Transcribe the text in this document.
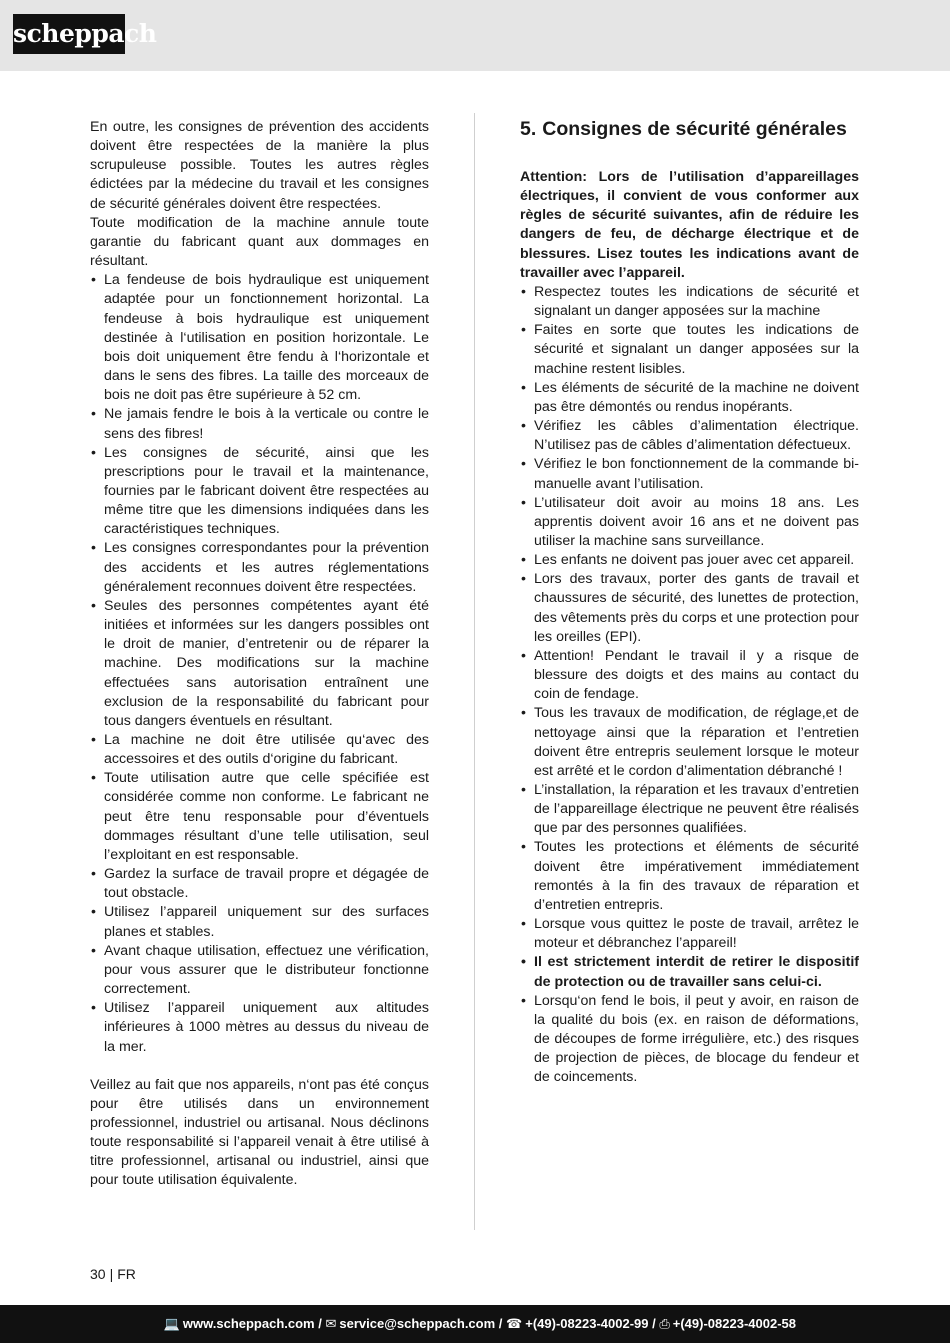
scheppach

En outre, les consignes de prévention des accidents doivent être respectées de la manière la plus scrupuleuse possible. Toutes les autres règles édictées par la médecine du travail et les consignes de sécurité générales doivent être respectées.

Toute modification de la machine annule toute garantie du fabricant quant aux dommages en résultant.

• La fendeuse de bois hydraulique est uniquement adaptée pour un fonctionnement horizontal. La fendeuse à bois hydraulique est uniquement destinée à l‘utilisation en position horizontale. Le bois doit uniquement être fendu à l‘horizontale et dans le sens des fibres. La taille des morceaux de bois ne doit pas être supérieure à 52 cm.
• Ne jamais fendre le bois à la verticale ou contre le sens des fibres!
• Les consignes de sécurité, ainsi que les prescriptions pour le travail et la maintenance, fournies par le fabricant doivent être respectées au même titre que les dimensions indiquées dans les caractéristiques techniques.
• Les consignes correspondantes pour la prévention des accidents et les autres réglementations généralement reconnues doivent être respectées.
• Seules des personnes compétentes ayant été initiées et informées sur les dangers possibles ont le droit de manier, d’entretenir ou de réparer la machine. Des modifications sur la machine effectuées sans autorisation entraînent une exclusion de la responsabilité du fabricant pour tous dangers éventuels en résultant.
• La machine ne doit être utilisée qu‘avec des accessoires et des outils d‘origine du fabricant.
• Toute utilisation autre que celle spécifiée est considérée comme non conforme. Le fabricant ne peut être tenu responsable pour d’éventuels dommages résultant d’une telle utilisation, seul l’exploitant en est responsable.
• Gardez la surface de travail propre et dégagée de tout obstacle.
• Utilisez l’appareil uniquement sur des surfaces planes et stables.
• Avant chaque utilisation, effectuez une vérification, pour vous assurer que le distributeur fonctionne correctement.
• Utilisez l’appareil uniquement aux altitudes inférieures à 1000 mètres au dessus du niveau de la mer.

Veillez au fait que nos appareils, n‘ont pas été conçus pour être utilisés dans un environnement professionnel, industriel ou artisanal. Nous déclinons toute responsabilité si l’appareil venait à être utilisé à titre professionnel, artisanal ou industriel, ainsi que pour toute utilisation équivalente.

5. Consignes de sécurité générales

Attention: Lors de l’utilisation d’appareillages électriques, il convient de vous conformer aux règles de sécurité suivantes, afin de réduire les dangers de feu, de décharge électrique et de blessures. Lisez toutes les indications avant de travailler avec l’appareil.

• Respectez toutes les indications de sécurité et signalant un danger apposées sur la machine
• Faites en sorte que toutes les indications de sécurité et signalant un danger apposées sur la machine restent lisibles.
• Les éléments de sécurité de la machine ne doivent pas être démontés ou rendus inopérants.
• Vérifiez les câbles d’alimentation électrique. N’utilisez pas de câbles d’alimentation défectueux.
• Vérifiez le bon fonctionnement de la commande bi-manuelle avant l’utilisation.
• L’utilisateur doit avoir au moins 18 ans. Les apprentis doivent avoir 16 ans et ne doivent pas utiliser la machine sans surveillance.
• Les enfants ne doivent pas jouer avec cet appareil.
• Lors des travaux, porter des gants de travail et chaussures de sécurité, des lunettes de protection, des vêtements près du corps et une protection pour les oreilles (EPI).
• Attention! Pendant le travail il y a risque de blessure des doigts et des mains au contact du coin de fendage.
• Tous les travaux de modification, de réglage,et de nettoyage ainsi que la réparation et l’entretien doivent être entrepris seulement lorsque le moteur est arrêté et le cordon d’alimentation débranché !
• L’installation, la réparation et les travaux d’entretien de l’appareillage électrique ne peuvent être réalisés que par des personnes qualifiées.
• Toutes les protections et éléments de sécurité doivent être impérativement immédiatement remontés à la fin des travaux de réparation et d’entretien entrepris.
• Lorsque vous quittez le poste de travail, arrêtez le moteur et débranchez l’appareil!
• Il est strictement interdit de retirer le dispositif de protection ou de travailler sans celui-ci.
• Lorsqu‘on fend le bois, il peut y avoir, en raison de la qualité du bois (ex. en raison de déformations, de découpes de forme irrégulière, etc.) des risques de projection de pièces, de blocage du fendeur et de coincements.
30 | FR
💻 www.scheppach.com / ✉ service@scheppach.com / ☎ +(49)-08223-4002-99 / ⎙ +(49)-08223-4002-58
